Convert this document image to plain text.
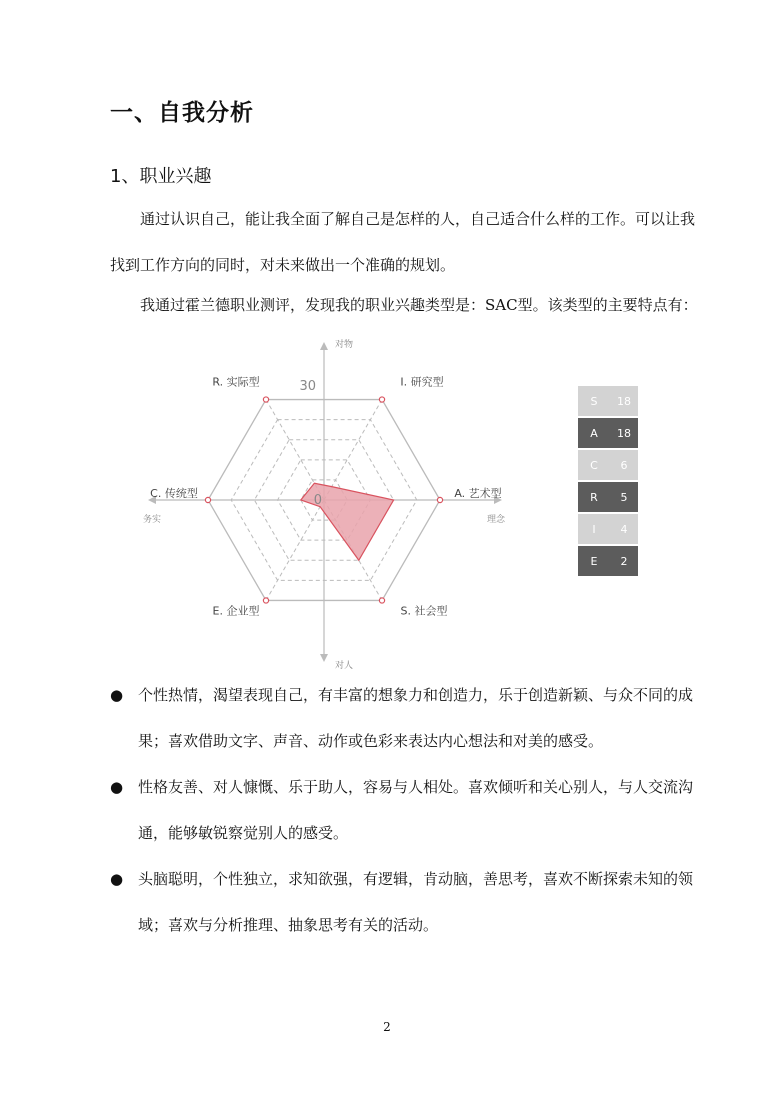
一、自我分析
1、职业兴趣
通过认识自己，能让我全面了解自己是怎样的人，自己适合什么样的工作。可以让我找到工作方向的同时，对未来做出一个准确的规划。
我通过霍兰德职业测评，发现我的职业兴趣类型是：SAC型。该类型的主要特点有：
R. 实际型	I. 研究型
A. 艺术型
S. 社会型
E. 企业型
C. 传统型
30
0
对物
对人
务实	理念
S	18
A	18
C	6
R	5
I	4
E	2
● 个性热情，渴望表现自己，有丰富的想象力和创造力，乐于创造新颖、与众不同的成果；喜欢借助文字、声音、动作或色彩来表达内心想法和对美的感受。
● 性格友善、对人慷慨、乐于助人，容易与人相处。喜欢倾听和关心别人，与人交流沟通，能够敏锐察觉别人的感受。
● 头脑聪明，个性独立，求知欲强，有逻辑，肯动脑，善思考，喜欢不断探索未知的领域；喜欢与分析推理、抽象思考有关的活动。
2
